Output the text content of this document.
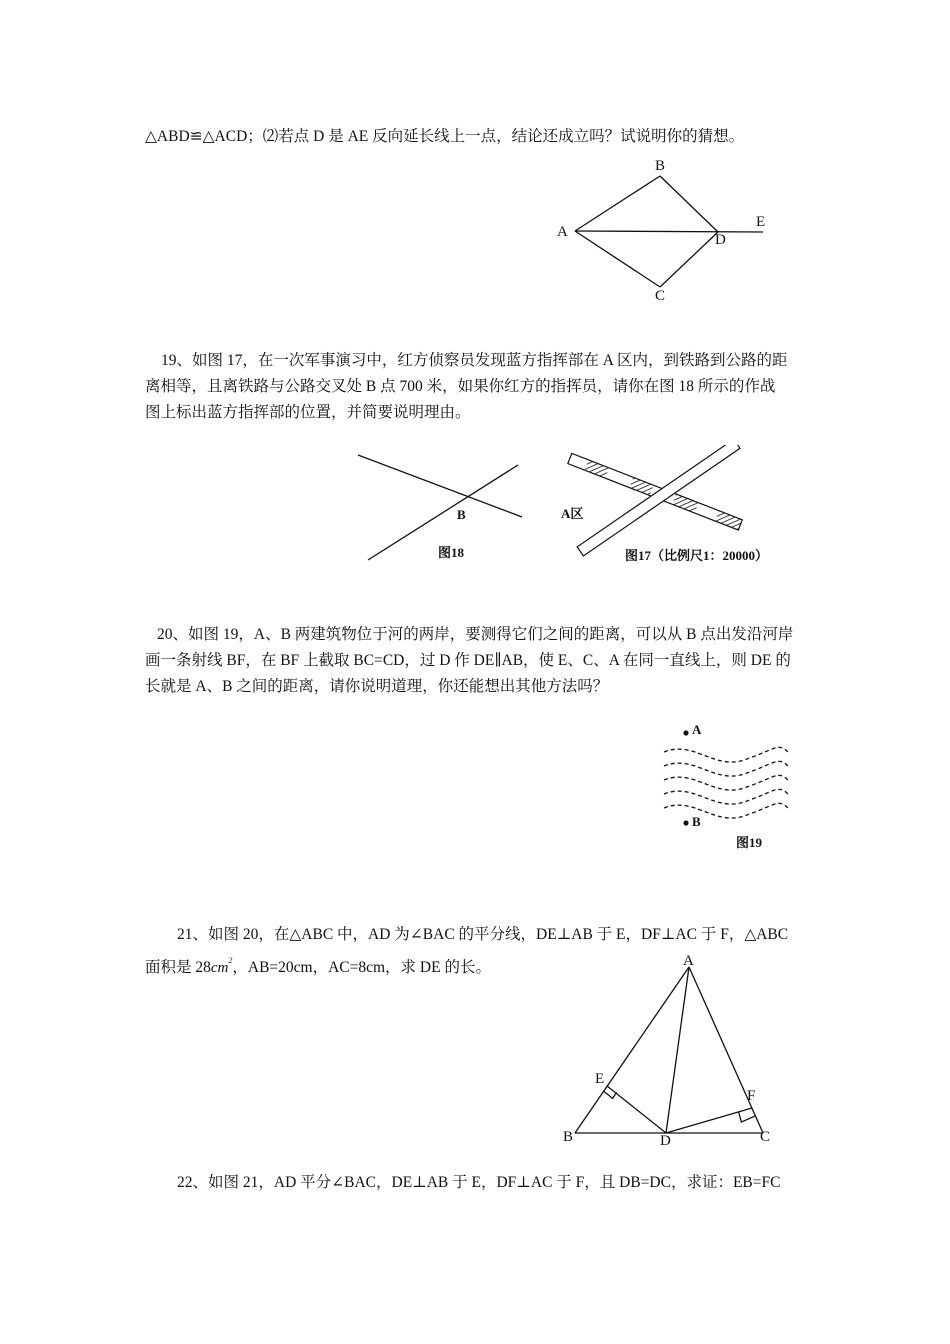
△ABD≌△ACD；⑵若点 D 是 AE 反向延长线上一点，结论还成立吗？试说明你的猜想。
B
A	D
E
C
19、如图 17，在一次军事演习中，红方侦察员发现蓝方指挥部在 A 区内，到铁路到公路的距
离相等，且离铁路与公路交叉处 B 点 700 米，如果你红方的指挥员，请你在图 18 所示的作战
图上标出蓝方指挥部的位置，并简要说明理由。
B
图18
A区
图17（比例尺1：20000）
20、如图 19，A、B 两建筑物位于河的两岸，要测得它们之间的距离，可以从 B 点出发沿河岸
画一条射线 BF，在 BF 上截取 BC=CD，过 D 作 DE∥AB，使 E、C、A 在同一直线上，则 DE 的
长就是 A、B 之间的距离，请你说明道理，你还能想出其他方法吗？
A
B
图19
21、如图 20，在△ABC 中，AD 为∠BAC 的平分线，DE⊥AB 于 E，DF⊥AC 于 F，△ABC
面积是 $28cm^2$，AB=20cm，AC=8cm，求 DE 的长。	A
E
F
B	D	C
22、如图 21，AD 平分∠BAC，DE⊥AB 于 E，DF⊥AC 于 F，且 DB=DC，求证：EB=FC
